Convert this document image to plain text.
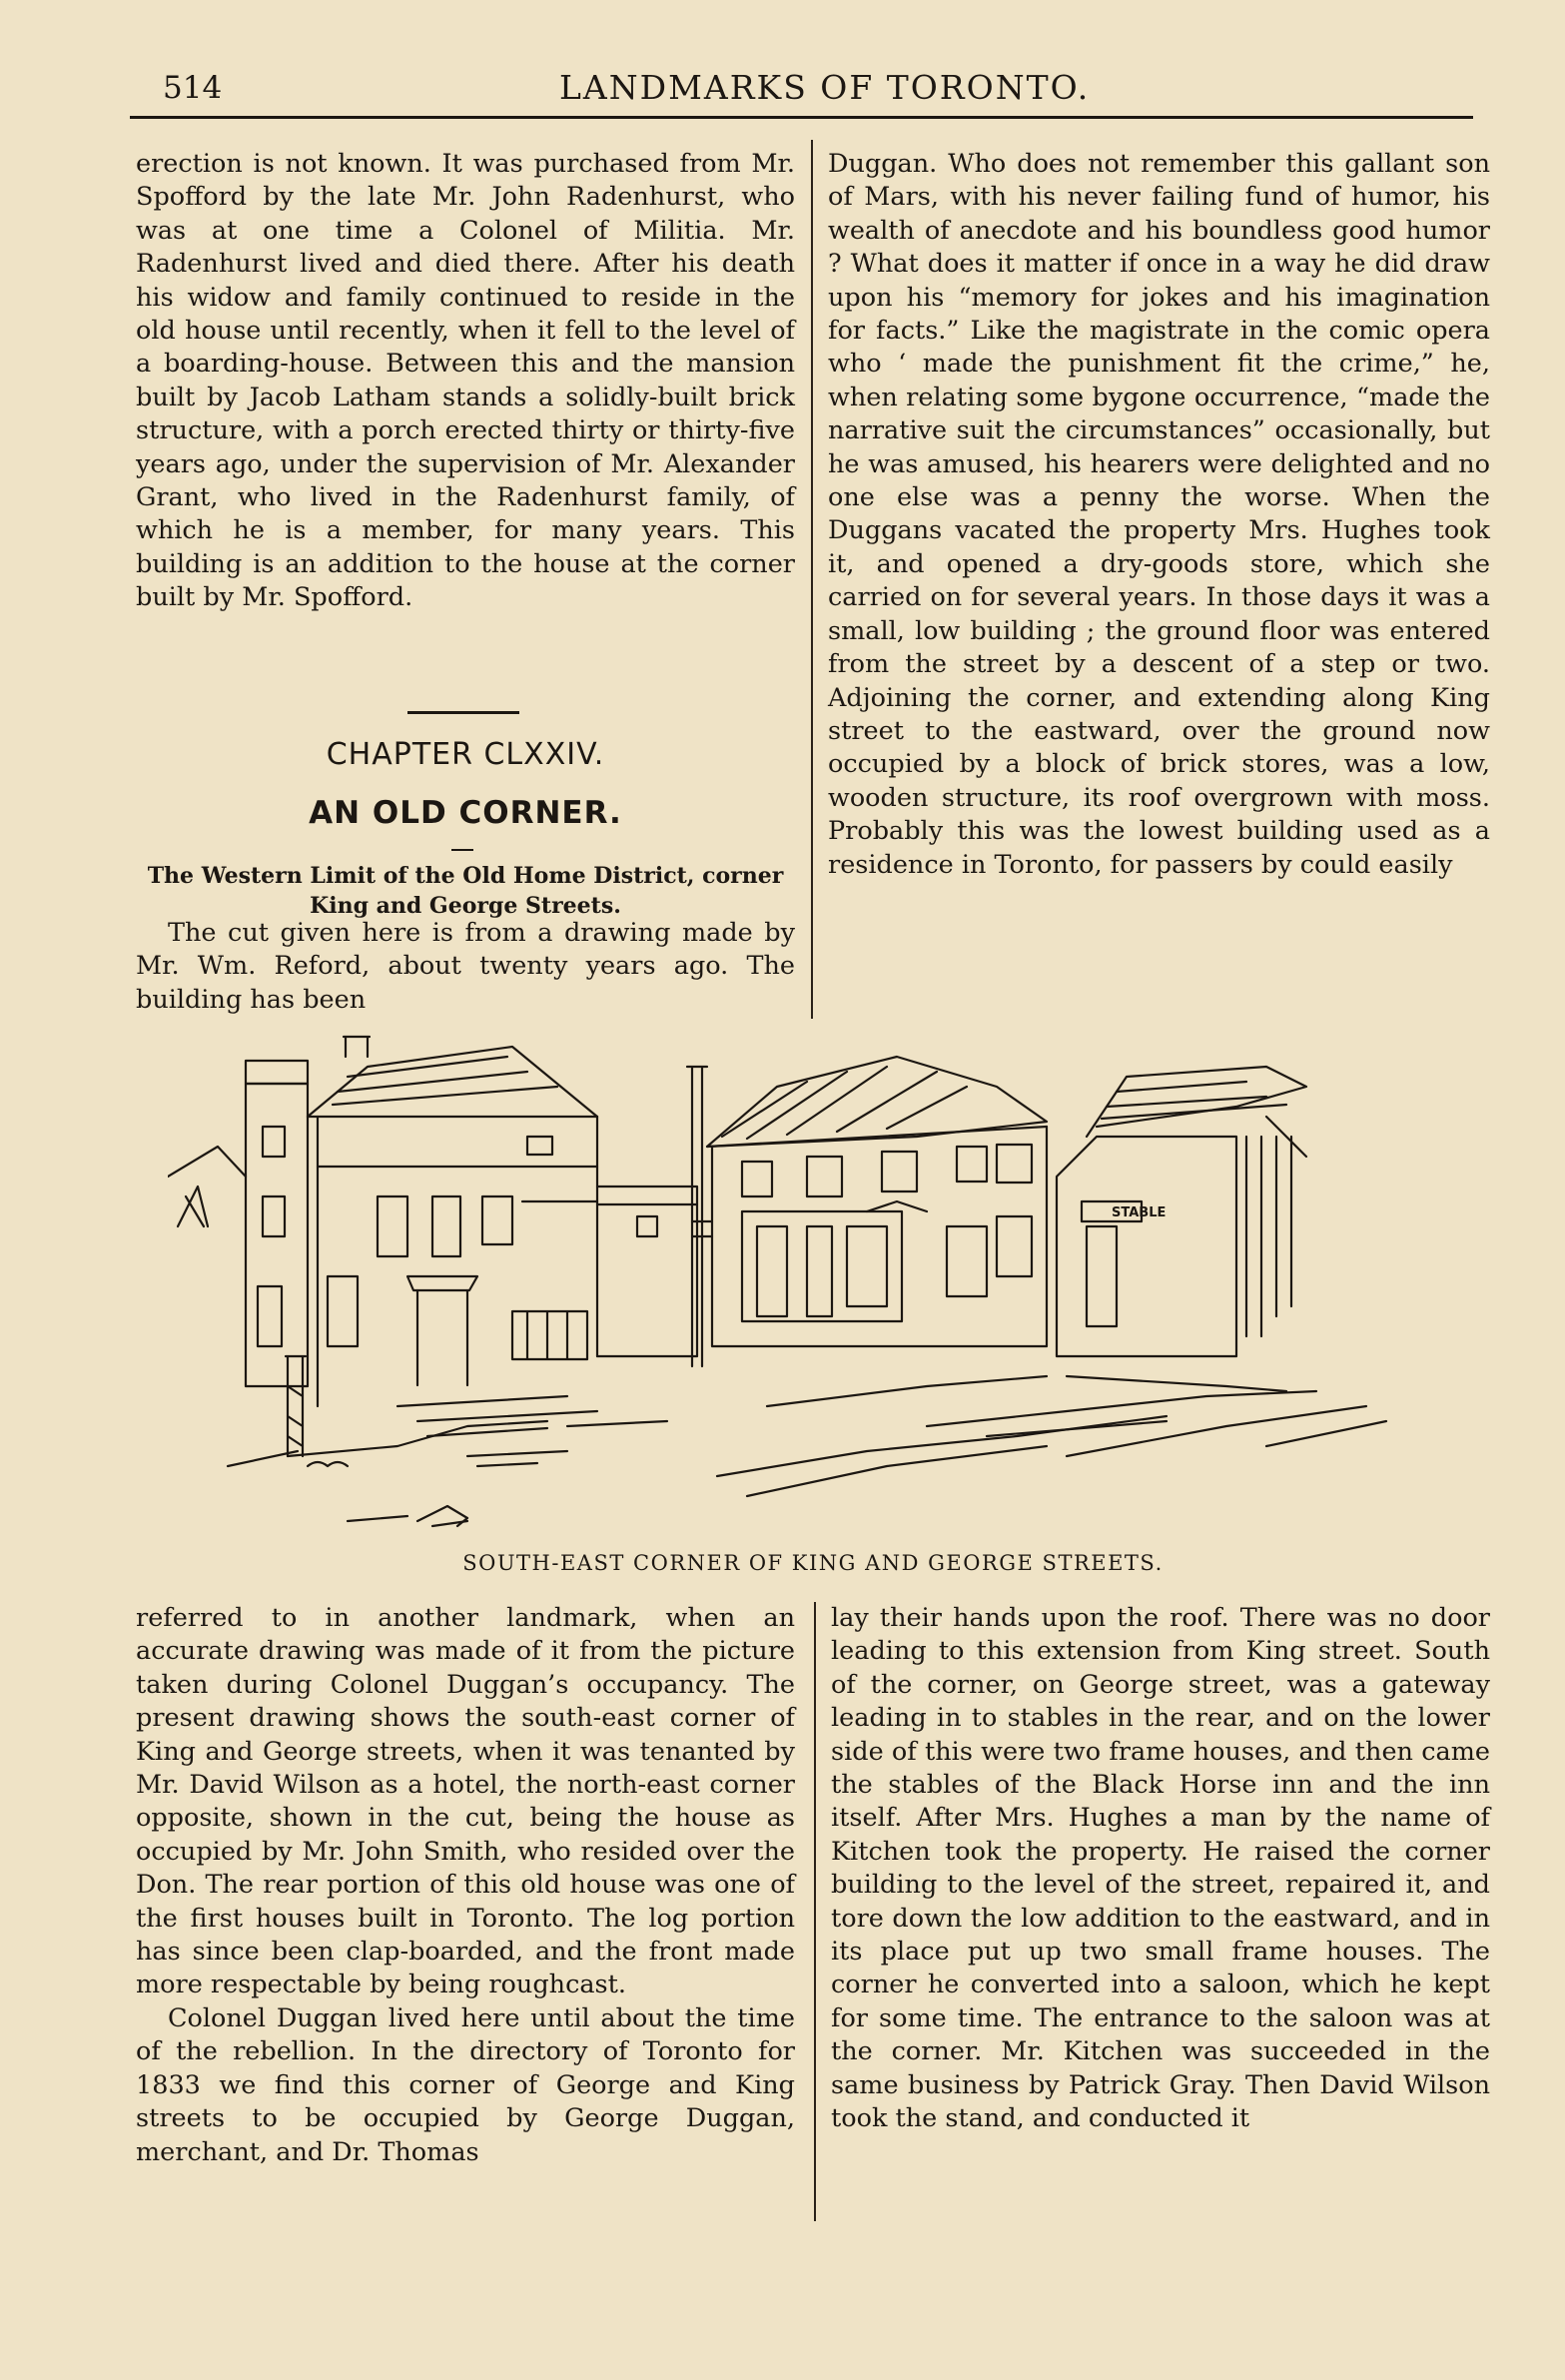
514	LANDMARKS OF TORONTO.

erection is not known. It was purchased from Mr. Spofford by the late Mr. John Radenhurst, who was at one time a Colonel of Militia. Mr. Radenhurst lived and died there. After his death his widow and family continued to reside in the old house until recently, when it fell to the level of a boarding-house. Between this and the mansion built by Jacob Latham stands a solidly-built brick structure, with a porch erected thirty or thirty-five years ago, under the supervision of Mr. Alexander Grant, who lived in the Radenhurst family, of which he is a member, for many years. This building is an addition to the house at the corner built by Mr. Spofford.

CHAPTER CLXXIV.
AN OLD CORNER.
The Western Limit of the Old Home District, corner King and George Streets.

The cut given here is from a drawing made by Mr. Wm. Reford, about twenty years ago. The building has been

Duggan. Who does not remember this gallant son of Mars, with his never failing fund of humor, his wealth of anecdote and his boundless good humor ? What does it matter if once in a way he did draw upon his “memory for jokes and his imagination for facts.” Like the magistrate in the comic opera who ‘ made the punishment fit the crime,” he, when relating some bygone occurrence, “made the narrative suit the circumstances” occasionally, but he was amused, his hearers were delighted and no one else was a penny the worse. When the Duggans vacated the property Mrs. Hughes took it, and opened a dry-goods store, which she carried on for several years. In those days it was a small, low building ; the ground floor was entered from the street by a descent of a step or two. Adjoining the corner, and extending along King street to the eastward, over the ground now occupied by a block of brick stores, was a low, wooden structure, its roof overgrown with moss. Probably this was the lowest building used as a residence in Toronto, for passers by could easily

STABLE
SOUTH-EAST CORNER OF KING AND GEORGE STREETS.

referred to in another landmark, when an accurate drawing was made of it from the picture taken during Colonel Duggan’s occupancy. The present drawing shows the south-east corner of King and George streets, when it was tenanted by Mr. David Wilson as a hotel, the north-east corner opposite, shown in the cut, being the house as occupied by Mr. John Smith, who resided over the Don. The rear portion of this old house was one of the first houses built in Toronto. The log portion has since been clap-boarded, and the front made more respectable by being roughcast.

Colonel Duggan lived here until about the time of the rebellion. In the directory of Toronto for 1833 we find this corner of George and King streets to be occupied by George Duggan, merchant, and Dr. Thomas

lay their hands upon the roof. There was no door leading to this extension from King street. South of the corner, on George street, was a gateway leading in to stables in the rear, and on the lower side of this were two frame houses, and then came the stables of the Black Horse inn and the inn itself. After Mrs. Hughes a man by the name of Kitchen took the property. He raised the corner building to the level of the street, repaired it, and tore down the low addition to the eastward, and in its place put up two small frame houses. The corner he converted into a saloon, which he kept for some time. The entrance to the saloon was at the corner. Mr. Kitchen was succeeded in the same business by Patrick Gray. Then David Wilson took the stand, and conducted it
